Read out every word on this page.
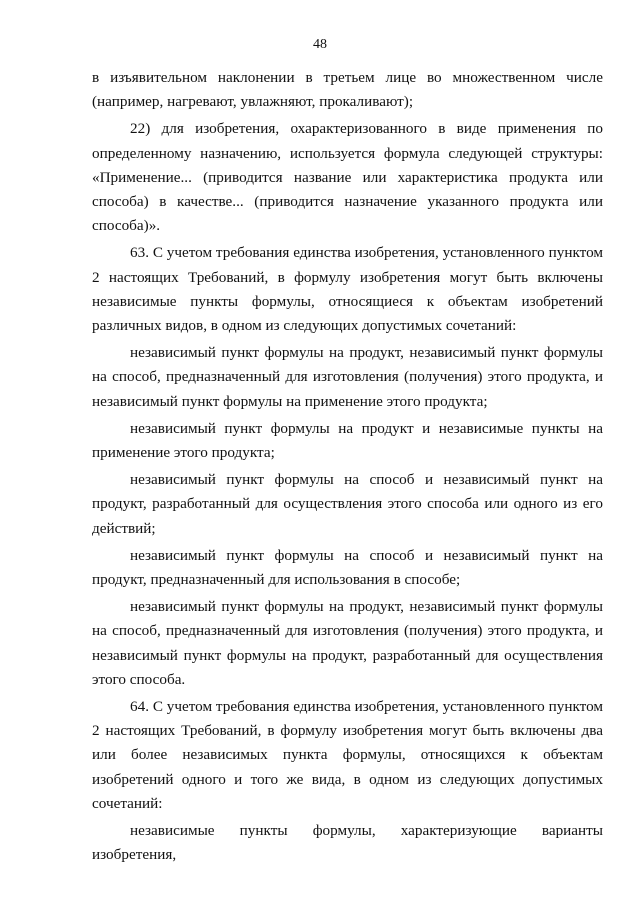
48

в изъявительном наклонении в третьем лице во множественном числе (например, нагревают, увлажняют, прокаливают);

22) для изобретения, охарактеризованного в виде применения по определенному назначению, используется формула следующей структуры: «Применение... (приводится название или характеристика продукта или способа) в качестве... (приводится назначение указанного продукта или способа)».

63. С учетом требования единства изобретения, установленного пунктом 2 настоящих Требований, в формулу изобретения могут быть включены независимые пункты формулы, относящиеся к объектам изобретений различных видов, в одном из следующих допустимых сочетаний:

независимый пункт формулы на продукт, независимый пункт формулы на способ, предназначенный для изготовления (получения) этого продукта, и независимый пункт формулы на применение этого продукта;

независимый пункт формулы на продукт и независимые пункты на применение этого продукта;

независимый пункт формулы на способ и независимый пункт на продукт, разработанный для осуществления этого способа или одного из его действий;

независимый пункт формулы на способ и независимый пункт на продукт, предназначенный для использования в способе;

независимый пункт формулы на продукт, независимый пункт формулы на способ, предназначенный для изготовления (получения) этого продукта, и независимый пункт формулы на продукт, разработанный для осуществления этого способа.

64. С учетом требования единства изобретения, установленного пунктом 2 настоящих Требований, в формулу изобретения могут быть включены два или более независимых пункта формулы, относящихся к объектам изобретений одного и того же вида, в одном из следующих допустимых сочетаний:

независимые пункты формулы, характеризующие варианты изобретения,
